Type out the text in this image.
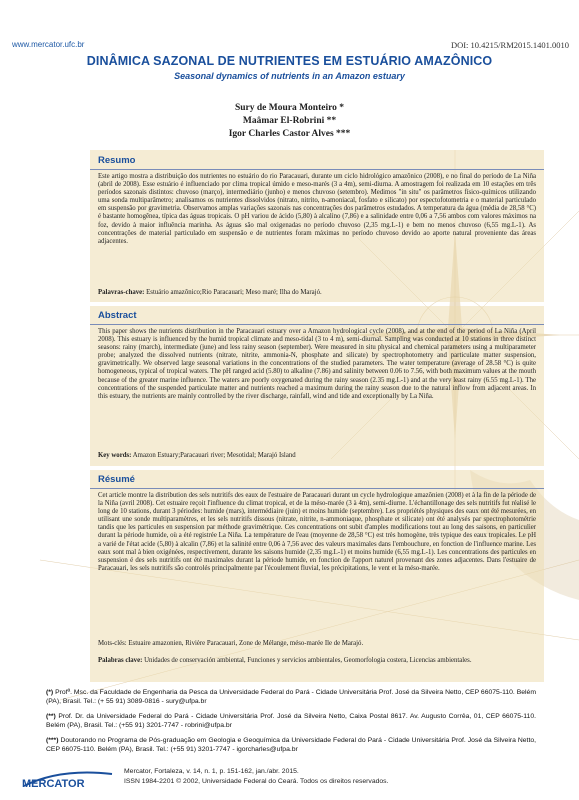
www.mercator.ufc.br	DOI: 10.4215/RM2015.1401.0010
DINÂMICA SAZONAL DE NUTRIENTES EM ESTUÁRIO AMAZÔNICO
Seasonal dynamics of nutrients in an Amazon estuary
Sury de Moura Monteiro *
Maâmar El-Robrini **
Igor Charles Castor Alves ***
Resumo
Este artigo mostra a distribuição dos nutrientes no estuário do rio Paracauari, durante um ciclo hidrológico amazônico (2008), e no final do período de La Niña (abril de 2008). Esse estuário é influenciado por clima tropical úmido e meso-marés (3 a 4m), semi-diurna. A amostragem foi realizada em 10 estações em três períodos sazonais distintos: chuvoso (março), intermediário (junho) e menos chuvoso (setembro). Medimos "in situ" os parâmetros físico-químicos utilizando uma sonda multiparâmetro; analisamos os nutrientes dissolvidos (nitrato, nitrito, n-amoniacal, fosfato e silicato) por espectofotometria e o material particulado em suspensão por gravimetria. Observamos amplas variações sazonais nas concentrações dos parâmetros estudados. A temperatura da água (média de 28,58 °C) é bastante homogênea, típica das águas tropicais. O pH variou de ácido (5,80) à alcalino (7,86) e a salinidade entre 0,06 a 7,56 ambos com valores máximos na foz, devido à maior influência marinha. As águas são mal oxigenadas no período chuvoso (2,35 mg.L-1) e bem no menos chuvoso (6,55 mg.L-1). As concentrações de material particulado em suspensão e de nutrientes foram máximas no período chuvoso devido ao aporte natural proveniente das áreas adjacentes.
Palavras-chave: Estuário amazônico;Rio Paracauari; Meso maré; Ilha do Marajó.
Abstract
This paper shows the nutrients distribution in the Paracauari estuary over a Amazon hydrological cycle (2008), and at the end of the period of La Niña (April 2008). This estuary is influenced by the humid tropical climate and meso-tidal (3 to 4 m), semi-diurnal. Sampling was conducted at 10 stations in three distinct seasons: rainy (march), intermediate (june) and less rainy season (september). Were measured in situ physical and chemical parameters using a multiparameter probe; analyzed the dissolved nutrients (nitrate, nitrite, ammonia-N, phosphate and silicate) by spectrophotometry and particulate matter suspension, gravimetrically. We observed large seasonal variations in the concentrations of the studied parameters. The water temperature (average of 28.58 °C) is quite homogeneous, typical of tropical waters. The pH ranged acid (5.80) to alkaline (7.86) and salinity between 0.06 to 7.56, with both maximum values at the mouth because of the greater marine influence. The waters are poorly oxygenated during the rainy season (2.35 mg.L-1) and at the very least rainy (6.55 mg.L-1). The concentrations of the suspended particulate matter and nutrients reached a maximum during the rainy season due to the natural inflow from adjacent areas. In this estuary, the nutrients are mainly controlled by the river discharge, rainfall, wind and tide and exceptionally by La Niña.
Key words: Amazon Estuary;Paracauari river; Mesotidal; Marajó Island
Résumé
Cet article montre la distribution des sels nutritifs des eaux de l'estuaire de Paracauari durant un cycle hydrologique amazônien (2008) et à la fin de la période de la Niña (avril 2008). Cet estuaire reçoit l'influence du climat tropical, et de la méso-marée (3 à 4m), semi-diurne. L'échantillonage des sels nutritifs fut réalisé le long de 10 stations, durant 3 périodes: humide (mars), intermédiaire (juin) et moins humide (septembre). Les propriétés physiques des eaux ont été mesurées, en utilisant une sonde multiparamètres, et les sels nutritifs dissous (nitrate, nitrite, n-ammoniaque, phosphate et silicate) ont été analysés par spectrophotométrie tandis que les particules en suspension par méthode gravimétrique. Ces concentrations ont subit d'amples modifications tout au long des saisons, en particulier durant la période humide, où a été registrée La Niña. La température de l'eau (moyenne de 28,58 °C) est très homogène, très typique des eaux tropicales. Le pH a varié de l'état acide (5,80) à alcalin (7,86) et la salinité entre 0,06 à 7,56 avec des valeurs maximales dans l'embouchure, en fonction de l'influence marine. Les eaux sont mal à bien oxigénées, respectivement, durante les saisons humide (2,35 mg.L-1) et moins humide (6,55 mg.L-1). Les concentrations des particules en suspension é des sels nutritifs ont été maximales durant la période humide, en fonction de l'apport naturel provenant des zones adjacentes. Dans l'estuaire de Paracauari, les sels nutritifs são controlés principalmente par l'écoulement fluvial, les précipitations, le vent et la méso-marée.
Mots-clés: Estuaire amazonien, Rivière Paracauari, Zone de Mélange, méso-marée Ile de Marajó.
Palabras clave: Unidades de conservación ambiental, Funciones y servicios ambientales, Geomorfologia costera, Licencias ambientales.
(*) Profª. Msc. da Faculdade de Engenharia da Pesca da Universidade Federal do Pará - Cidade Universitária Prof. José da Silveira Netto, CEP 66075-110. Belém (PA), Brasil. Tel.: (+ 55 91) 3089-0816 - sury@ufpa.br
(**) Prof. Dr. da Universidade Federal do Pará - Cidade Universitária Prof. José da Silveira Netto, Caixa Postal 8617. Av. Augusto Corrêa, 01, CEP 66075-110. Belém (PA), Brasil. Tel.: (+55 91) 3201-7747 - robrini@ufpa.br
(***) Doutorando no Programa de Pós-graduação em Geologia e Geoquímica da Universidade Federal do Pará - Cidade Universitária Prof. José da Silveira Netto, CEP 66075-110. Belém (PA), Brasil. Tel.: (+55 91) 3201-7747 - igorcharles@ufpa.br
MERCATOR
Mercator, Fortaleza, v. 14, n. 1, p. 151-162, jan./abr. 2015.
ISSN 1984-2201 © 2002, Universidade Federal do Ceará. Todos os direitos reservados.
